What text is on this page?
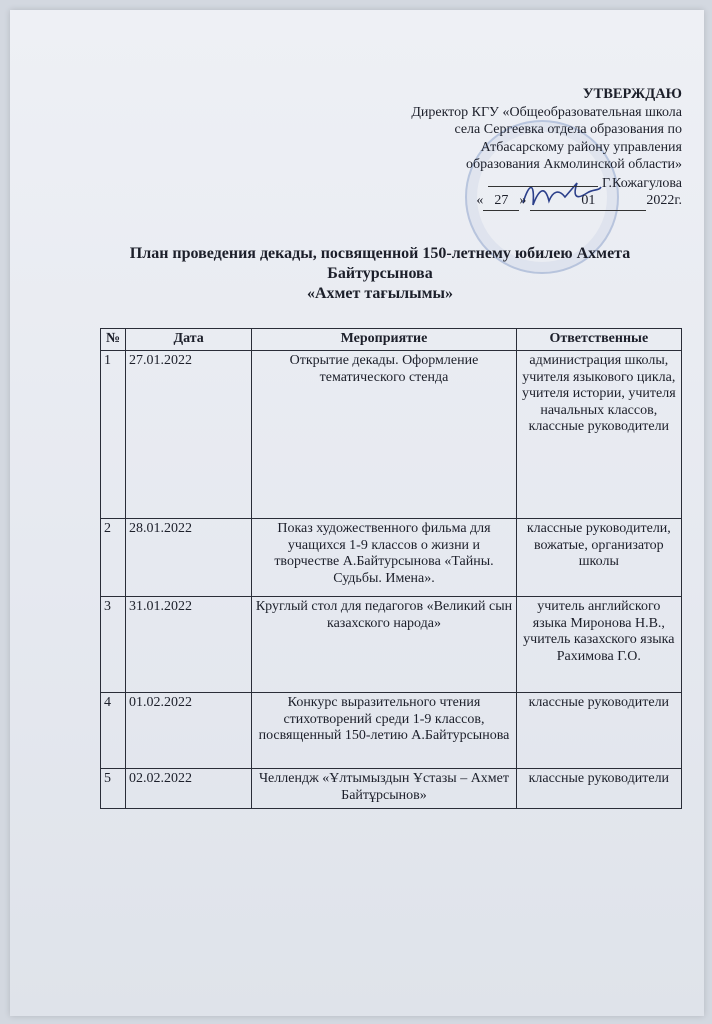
УТВЕРЖДАЮ
Директор КГУ «Общеобразовательная школа
села Сергеевка отдела образования по
Атбасарскому району управления
образования Акмолинской области»
Г.Кожагулова
« 27 »	01	2022г.
План проведения декады, посвященной 150-летнему юбилею Ахмета
Байтурсынова
«Ахмет тағылымы»
№	Дата	Мероприятие	Ответственные
1	27.01.2022	Открытие декады. Оформление тематического стенда	администрация школы, учителя языкового цикла, учителя истории, учителя начальных классов, классные руководители
2	28.01.2022	Показ художественного фильма для учащихся 1-9 классов о жизни и творчестве А.Байтурсынова «Тайны. Судьбы. Имена».	классные руководители, вожатые, организатор школы
3	31.01.2022	Круглый стол для педагогов «Великий сын казахского народа»	учитель английского языка Миронова Н.В., учитель казахского языка Рахимова Г.О.
4	01.02.2022	Конкурс выразительного чтения стихотворений среди 1-9 классов, посвященный 150-летию А.Байтурсынова	классные руководители
5	02.02.2022	Челлендж «Ұлтымыздын Ұстазы – Ахмет Байтұрсынов»	классные руководители
